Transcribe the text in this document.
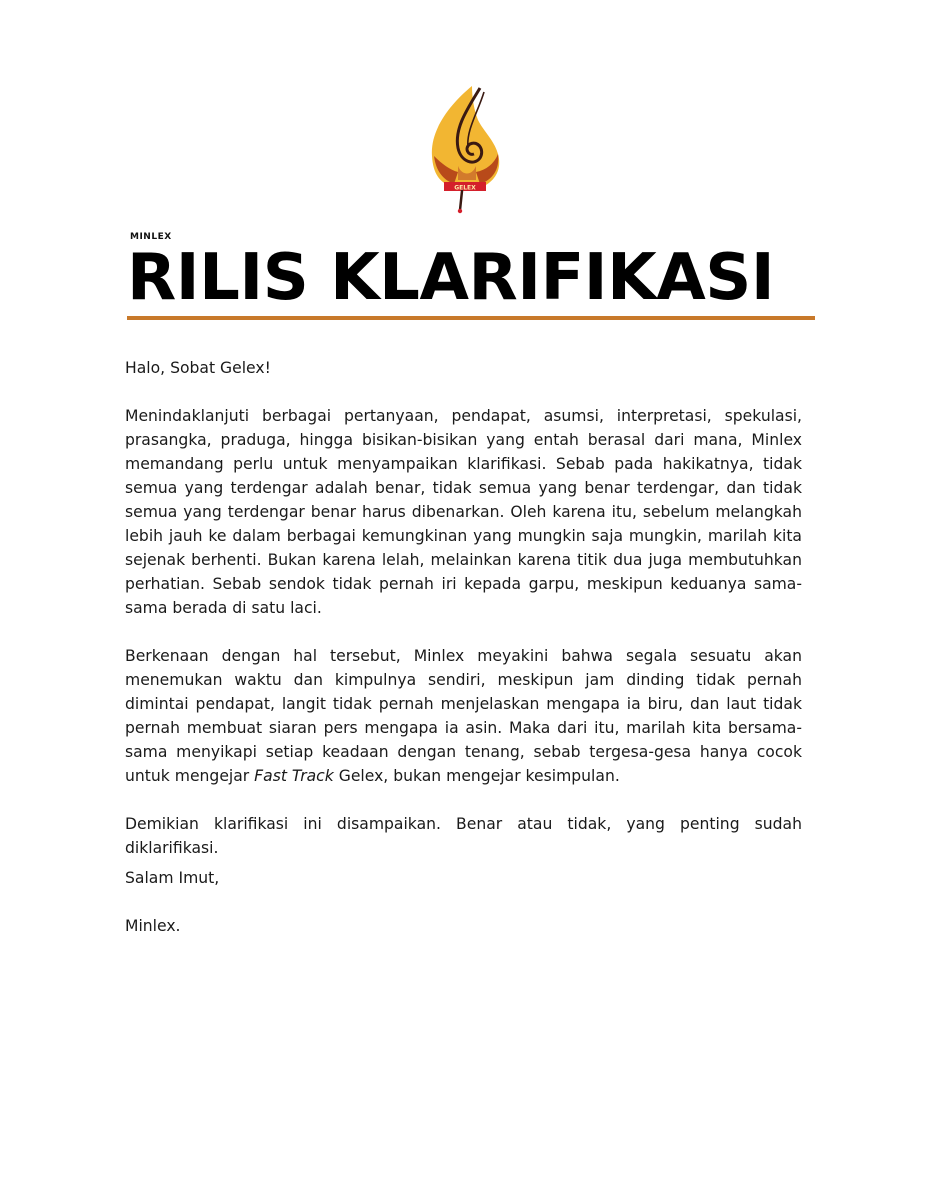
GELEX
MINLEX
RILIS KLARIFIKASI

Halo, Sobat Gelex!

Menindaklanjuti berbagai pertanyaan, pendapat, asumsi, interpretasi, spekulasi, prasangka, praduga, hingga bisikan-bisikan yang entah berasal dari mana, Minlex memandang perlu untuk menyampaikan klarifikasi. Sebab pada hakikatnya, tidak semua yang terdengar adalah benar, tidak semua yang benar terdengar, dan tidak semua yang terdengar benar harus dibenarkan. Oleh karena itu, sebelum melangkah lebih jauh ke dalam berbagai kemungkinan yang mungkin saja mungkin, marilah kita sejenak berhenti. Bukan karena lelah, melainkan karena titik dua juga membutuhkan perhatian. Sebab sendok tidak pernah iri kepada garpu, meskipun keduanya sama-sama berada di satu laci.

Berkenaan dengan hal tersebut, Minlex meyakini bahwa segala sesuatu akan menemukan waktu dan kimpulnya sendiri, meskipun jam dinding tidak pernah dimintai pendapat, langit tidak pernah menjelaskan mengapa ia biru, dan laut tidak pernah membuat siaran pers mengapa ia asin. Maka dari itu, marilah kita bersama-sama menyikapi setiap keadaan dengan tenang, sebab tergesa-gesa hanya cocok untuk mengejar Fast Track Gelex, bukan mengejar kesimpulan.

Demikian klarifikasi ini disampaikan. Benar atau tidak, yang penting sudah diklarifikasi.

Salam Imut,

Minlex.
